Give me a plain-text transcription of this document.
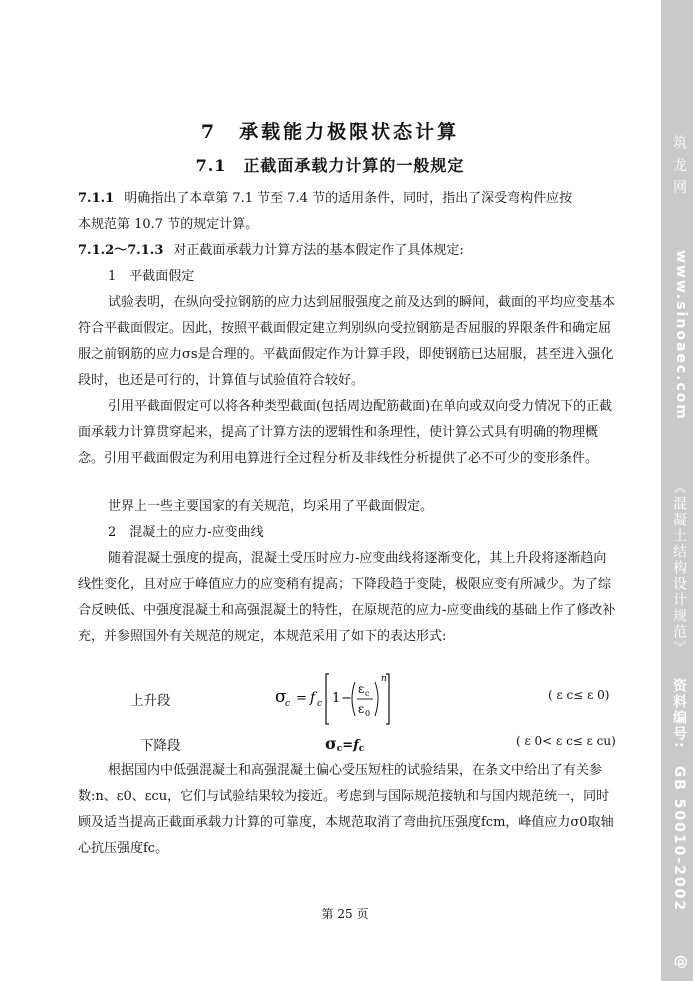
7　承载能力极限状态计算
7.1　正截面承载力计算的一般规定

7.1.1 明确指出了本章第 7.1 节至 7.4 节的适用条件，同时，指出了深受弯构件应按
本规范第 10.7 节的规定计算。

7.1.2～7.1.3 对正截面承载力计算方法的基本假定作了具体规定:

1　平截面假定

试验表明，在纵向受拉钢筋的应力达到屈服强度之前及达到的瞬间，截面的平均应变基本符合平截面假定。因此，按照平截面假定建立判别纵向受拉钢筋是否屈服的界限条件和确定屈服之前钢筋的应力σs是合理的。平截面假定作为计算手段，即使钢筋已达屈服，甚至进入强化段时，也还是可行的，计算值与试验值符合较好。

引用平截面假定可以将各种类型截面(包括周边配筋截面)在单向或双向受力情况下的正截面承载力计算贯穿起来，提高了计算方法的逻辑性和条理性，使计算公式具有明确的物理概念。引用平截面假定为利用电算进行全过程分析及非线性分析提供了必不可少的变形条件。

世界上一些主要国家的有关规范，均采用了平截面假定。

2　混凝土的应力-应变曲线

随着混凝土强度的提高，混凝土受压时应力-应变曲线将逐渐变化，其上升段将逐渐趋向线性变化，且对应于峰值应力的应变稍有提高；下降段趋于变陡，极限应变有所减少。为了综合反映低、中强度混凝土和高强混凝土的特性，在原规范的应力-应变曲线的基础上作了修改补充，并参照国外有关规范的规定，本规范采用了如下的表达形式:

上升段	σ
c = f c 1 −
ε c
ε 0
n
( ε c≤ ε 0)
下降段	$\sigma_c=f_c$
( ε 0< ε c≤ ε cu)

根据国内中低强混凝土和高强混凝土偏心受压短柱的试验结果，在条文中给出了有关参数:n、ε0、εcu，它们与试验结果较为接近。考虑到与国际规范接轨和与国内规范统一，同时顾及适当提高正截面承载力计算的可靠度，本规范取消了弯曲抗压强度fcm，峰值应力σ0取轴心抗压强度fc。

第 25 页
筑 龙 网
www.sinoaec.com
《混凝土结构设计规范》
资料编号:　GB 50010-2002
@
